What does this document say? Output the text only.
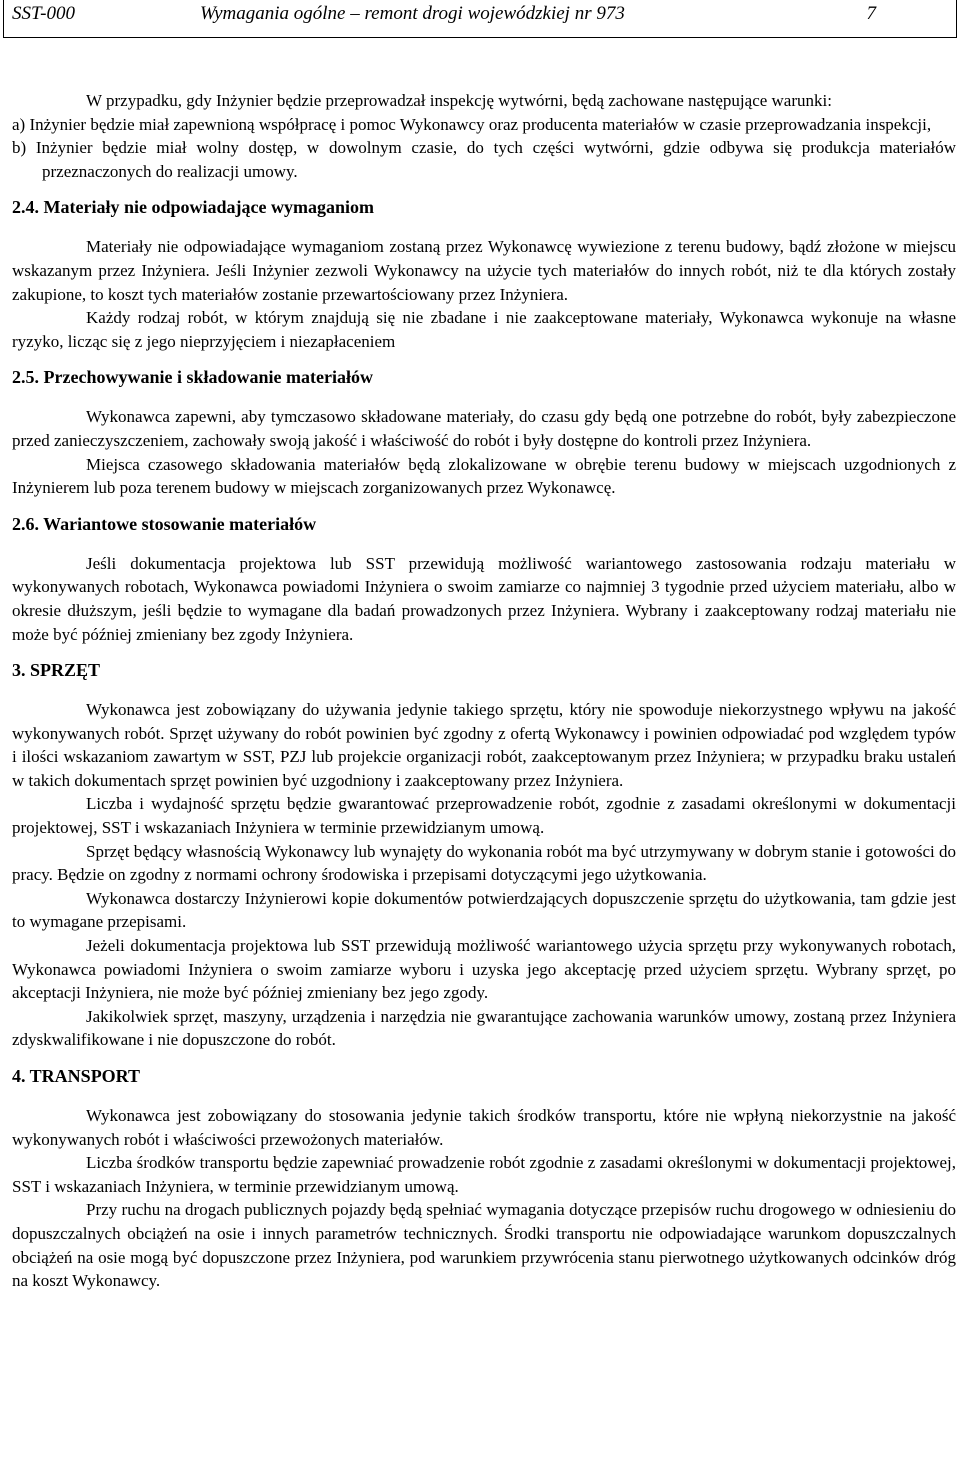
SST-000	Wymagania ogólne – remont drogi wojewódzkiej nr 973	7

W przypadku, gdy Inżynier będzie przeprowadzał inspekcję wytwórni, będą zachowane następujące warunki:

a) Inżynier będzie miał zapewnioną współpracę i pomoc Wykonawcy oraz producenta materiałów w czasie przeprowadzania inspekcji,

b) Inżynier będzie miał wolny dostęp, w dowolnym czasie, do tych części wytwórni, gdzie odbywa się produkcja materiałów przeznaczonych do realizacji umowy.

2.4. Materiały nie odpowiadające wymaganiom

Materiały nie odpowiadające wymaganiom zostaną przez Wykonawcę wywiezione z terenu budowy, bądź złożone w miejscu wskazanym przez Inżyniera. Jeśli Inżynier zezwoli Wykonawcy na użycie tych materiałów do innych robót, niż te dla których zostały zakupione, to koszt tych materiałów zostanie przewartościowany przez Inżyniera.

Każdy rodzaj robót, w którym znajdują się nie zbadane i nie zaakceptowane materiały, Wykonawca wykonuje na własne ryzyko, licząc się z jego nieprzyjęciem i niezapłaceniem

2.5. Przechowywanie i składowanie materiałów

Wykonawca zapewni, aby tymczasowo składowane materiały, do czasu gdy będą one potrzebne do robót, były zabezpieczone przed zanieczyszczeniem, zachowały swoją jakość i właściwość do robót i były dostępne do kontroli przez Inżyniera.

Miejsca czasowego składowania materiałów będą zlokalizowane w obrębie terenu budowy w miejscach uzgodnionych z Inżynierem lub poza terenem budowy w miejscach zorganizowanych przez Wykonawcę.

2.6. Wariantowe stosowanie materiałów

Jeśli dokumentacja projektowa lub SST przewidują możliwość wariantowego zastosowania rodzaju materiału w wykonywanych robotach, Wykonawca powiadomi Inżyniera o swoim zamiarze co najmniej 3 tygodnie przed użyciem materiału, albo w okresie dłuższym, jeśli będzie to wymagane dla badań prowadzonych przez Inżyniera. Wybrany i zaakceptowany rodzaj materiału nie może być później zmieniany bez zgody Inżyniera.

3. SPRZĘT

Wykonawca jest zobowiązany do używania jedynie takiego sprzętu, który nie spowoduje niekorzystnego wpływu na jakość wykonywanych robót. Sprzęt używany do robót powinien być zgodny z ofertą Wykonawcy i powinien odpowiadać pod względem typów i ilości wskazaniom zawartym w SST, PZJ lub projekcie organizacji robót, zaakceptowanym przez Inżyniera; w przypadku braku ustaleń w takich dokumentach sprzęt powinien być uzgodniony i zaakceptowany przez Inżyniera.

Liczba i wydajność sprzętu będzie gwarantować przeprowadzenie robót, zgodnie z zasadami określonymi w dokumentacji projektowej, SST i wskazaniach Inżyniera w terminie przewidzianym umową.

Sprzęt będący własnością Wykonawcy lub wynajęty do wykonania robót ma być utrzymywany w dobrym stanie i gotowości do pracy. Będzie on zgodny z normami ochrony środowiska i przepisami dotyczącymi jego użytkowania.

Wykonawca dostarczy Inżynierowi kopie dokumentów potwierdzających dopuszczenie sprzętu do użytkowania, tam gdzie jest to wymagane przepisami.

Jeżeli dokumentacja projektowa lub SST przewidują możliwość wariantowego użycia sprzętu przy wykonywanych robotach, Wykonawca powiadomi Inżyniera o swoim zamiarze wyboru i uzyska jego akceptację przed użyciem sprzętu. Wybrany sprzęt, po akceptacji Inżyniera, nie może być później zmieniany bez jego zgody.

Jakikolwiek sprzęt, maszyny, urządzenia i narzędzia nie gwarantujące zachowania warunków umowy, zostaną przez Inżyniera zdyskwalifikowane i nie dopuszczone do robót.

4. TRANSPORT

Wykonawca jest zobowiązany do stosowania jedynie takich środków transportu, które nie wpłyną niekorzystnie na jakość wykonywanych robót i właściwości przewożonych materiałów.

Liczba środków transportu będzie zapewniać prowadzenie robót zgodnie z zasadami określonymi w dokumentacji projektowej, SST i wskazaniach Inżyniera, w terminie przewidzianym umową.

Przy ruchu na drogach publicznych pojazdy będą spełniać wymagania dotyczące przepisów ruchu drogowego w odniesieniu do dopuszczalnych obciążeń na osie i innych parametrów technicznych. Środki transportu nie odpowiadające warunkom dopuszczalnych obciążeń na osie mogą być dopuszczone przez Inżyniera, pod warunkiem przywrócenia stanu pierwotnego użytkowanych odcinków dróg na koszt Wykonawcy.
